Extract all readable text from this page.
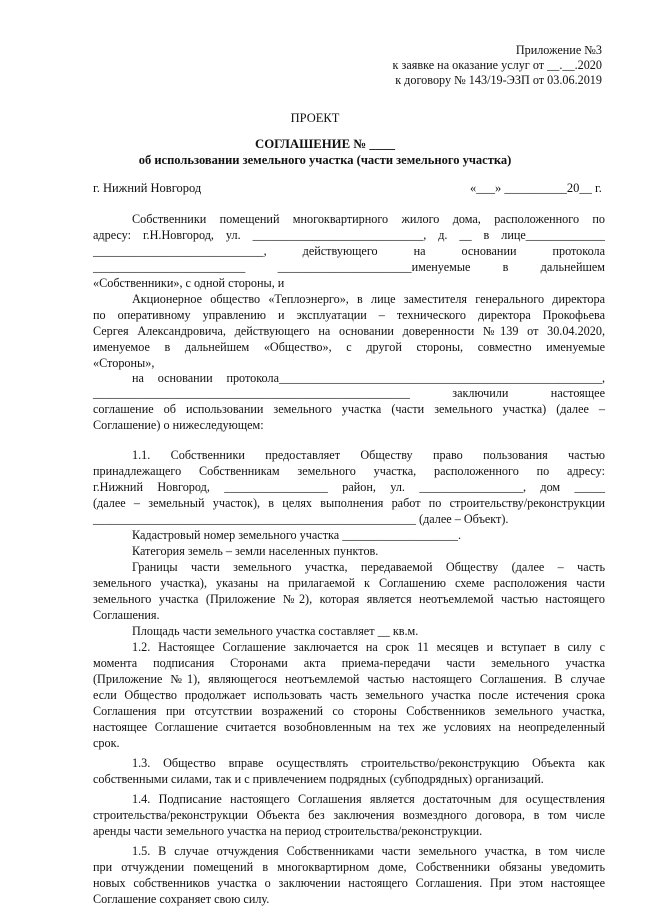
Приложение №3
к заявке на оказание услуг от __.__.2020
к договору № 143/19-ЭЗП от 03.06.2019
ПРОЕКТ
СОГЛАШЕНИЕ № ____
об использовании земельного участка (части земельного участка)
г. Нижний Новгород	«___» __________20__ г.
Собственники помещений многоквартирного жилого дома, расположенного по
адресу: г.Н.Новгород, ул. ____________________________, д. __ в лице_____________
____________________________, действующего на основании протокола
_________________________ ______________________именуемые в дальнейшем
«Собственники», с одной стороны, и
Акционерное общество «Теплоэнерго», в лице заместителя генерального директора
по оперативному управлению и эксплуатации – технического директора Прокофьева
Сергея Александровича, действующего на основании доверенности №139 от 30.04.2020,
именуемое в дальнейшем «Общество», с другой стороны, совместно именуемые
«Стороны»,
на основании протокола_____________________________________________________,
____________________________________________________ заключили настоящее
соглашение об использовании земельного участка (части земельного участка) (далее –
Соглашение) о нижеследующем:
1.1. Собственники предоставляет Обществу право пользования частью
принадлежащего Собственникам земельного участка, расположенного по адресу:
г.Нижний Новгород, _________________ район, ул. _________________, дом _____
(далее – земельный участок), в целях выполнения работ по строительству/реконструкции
_____________________________________________________ (далее – Объект).
Кадастровый номер земельного участка ___________________.
Категория земель – земли населенных пунктов.
Границы части земельного участка, передаваемой Обществу (далее – часть
земельного участка), указаны на прилагаемой к Соглашению схеме расположения части
земельного участка (Приложение №2), которая является неотъемлемой частью настоящего
Соглашения.
Площадь части земельного участка составляет __ кв.м.
1.2. Настоящее Соглашение заключается на срок 11 месяцев и вступает в силу с
момента подписания Сторонами акта приема-передачи части земельного участка
(Приложение №1), являющегося неотъемлемой частью настоящего Соглашения. В случае
если Общество продолжает использовать часть земельного участка после истечения срока
Соглашения при отсутствии возражений со стороны Собственников земельного участка,
настоящее Соглашение считается возобновленным на тех же условиях на неопределенный
срок.
1.3. Общество вправе осуществлять строительство/реконструкцию Объекта как
собственными силами, так и с привлечением подрядных (субподрядных) организаций.
1.4. Подписание настоящего Соглашения является достаточным для осуществления
строительства/реконструкции Объекта без заключения возмездного договора, в том числе
аренды части земельного участка на период строительства/реконструкции.
1.5. В случае отчуждения Собственниками части земельного участка, в том числе
при отчуждении помещений в многоквартирном доме, Собственники обязаны уведомить
новых собственников участка о заключении настоящего Соглашения. При этом настоящее
Соглашение сохраняет свою силу.
